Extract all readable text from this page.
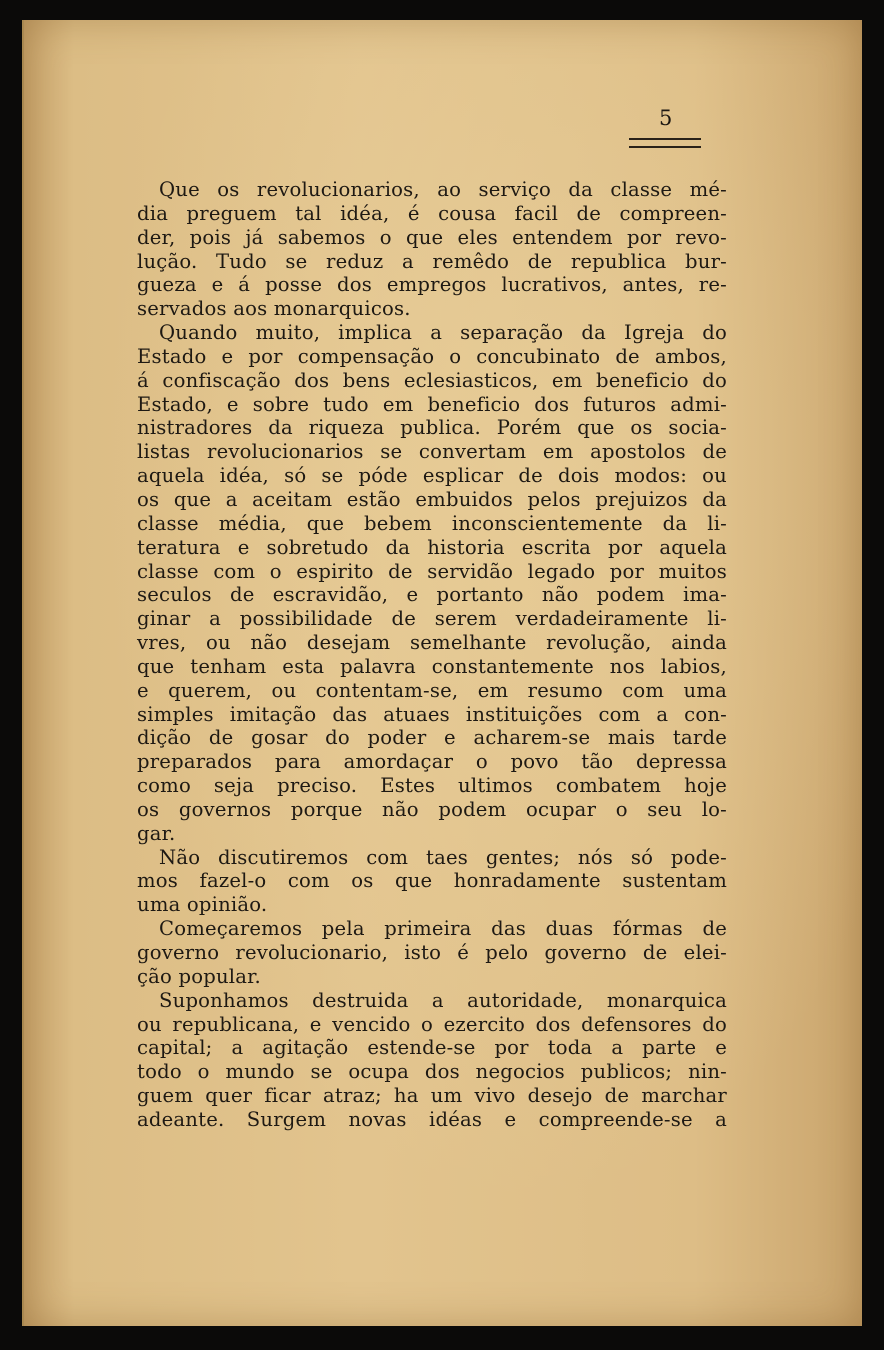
5
Que os revolucionarios, ao serviço da classe mé-
dia preguem tal idéa, é cousa facil de compreen-
der, pois já sabemos o que eles entendem por revo-
lução. Tudo se reduz a remêdo de republica bur-
gueza e á posse dos empregos lucrativos, antes, re-
servados aos monarquicos.
Quando muito, implica a separação da Igreja do
Estado e por compensação o concubinato de ambos,
á confiscação dos bens eclesiasticos, em beneficio do
Estado, e sobre tudo em beneficio dos futuros admi-
nistradores da riqueza publica. Porém que os socia-
listas revolucionarios se convertam em apostolos de
aquela idéa, só se póde esplicar de dois modos: ou
os que a aceitam estão embuidos pelos prejuizos da
classe média, que bebem inconscientemente da li-
teratura e sobretudo da historia escrita por aquela
classe com o espirito de servidão legado por muitos
seculos de escravidão, e portanto não podem ima-
ginar a possibilidade de serem verdadeiramente li-
vres, ou não desejam semelhante revolução, ainda
que tenham esta palavra constantemente nos labios,
e querem, ou contentam-se, em resumo com uma
simples imitação das atuaes instituições com a con-
dição de gosar do poder e acharem-se mais tarde
preparados para amordaçar o povo tão depressa
como seja preciso. Estes ultimos combatem hoje
os governos porque não podem ocupar o seu lo-
gar.
Não discutiremos com taes gentes; nós só pode-
mos fazel-o com os que honradamente sustentam
uma opinião.
Começaremos pela primeira das duas fórmas de
governo revolucionario, isto é pelo governo de elei-
ção popular.
Suponhamos destruida a autoridade, monarquica
ou republicana, e vencido o ezercito dos defensores do
capital; a agitação estende-se por toda a parte e
todo o mundo se ocupa dos negocios publicos; nin-
guem quer ficar atraz; ha um vivo desejo de marchar
adeante. Surgem novas idéas e compreende-se a
